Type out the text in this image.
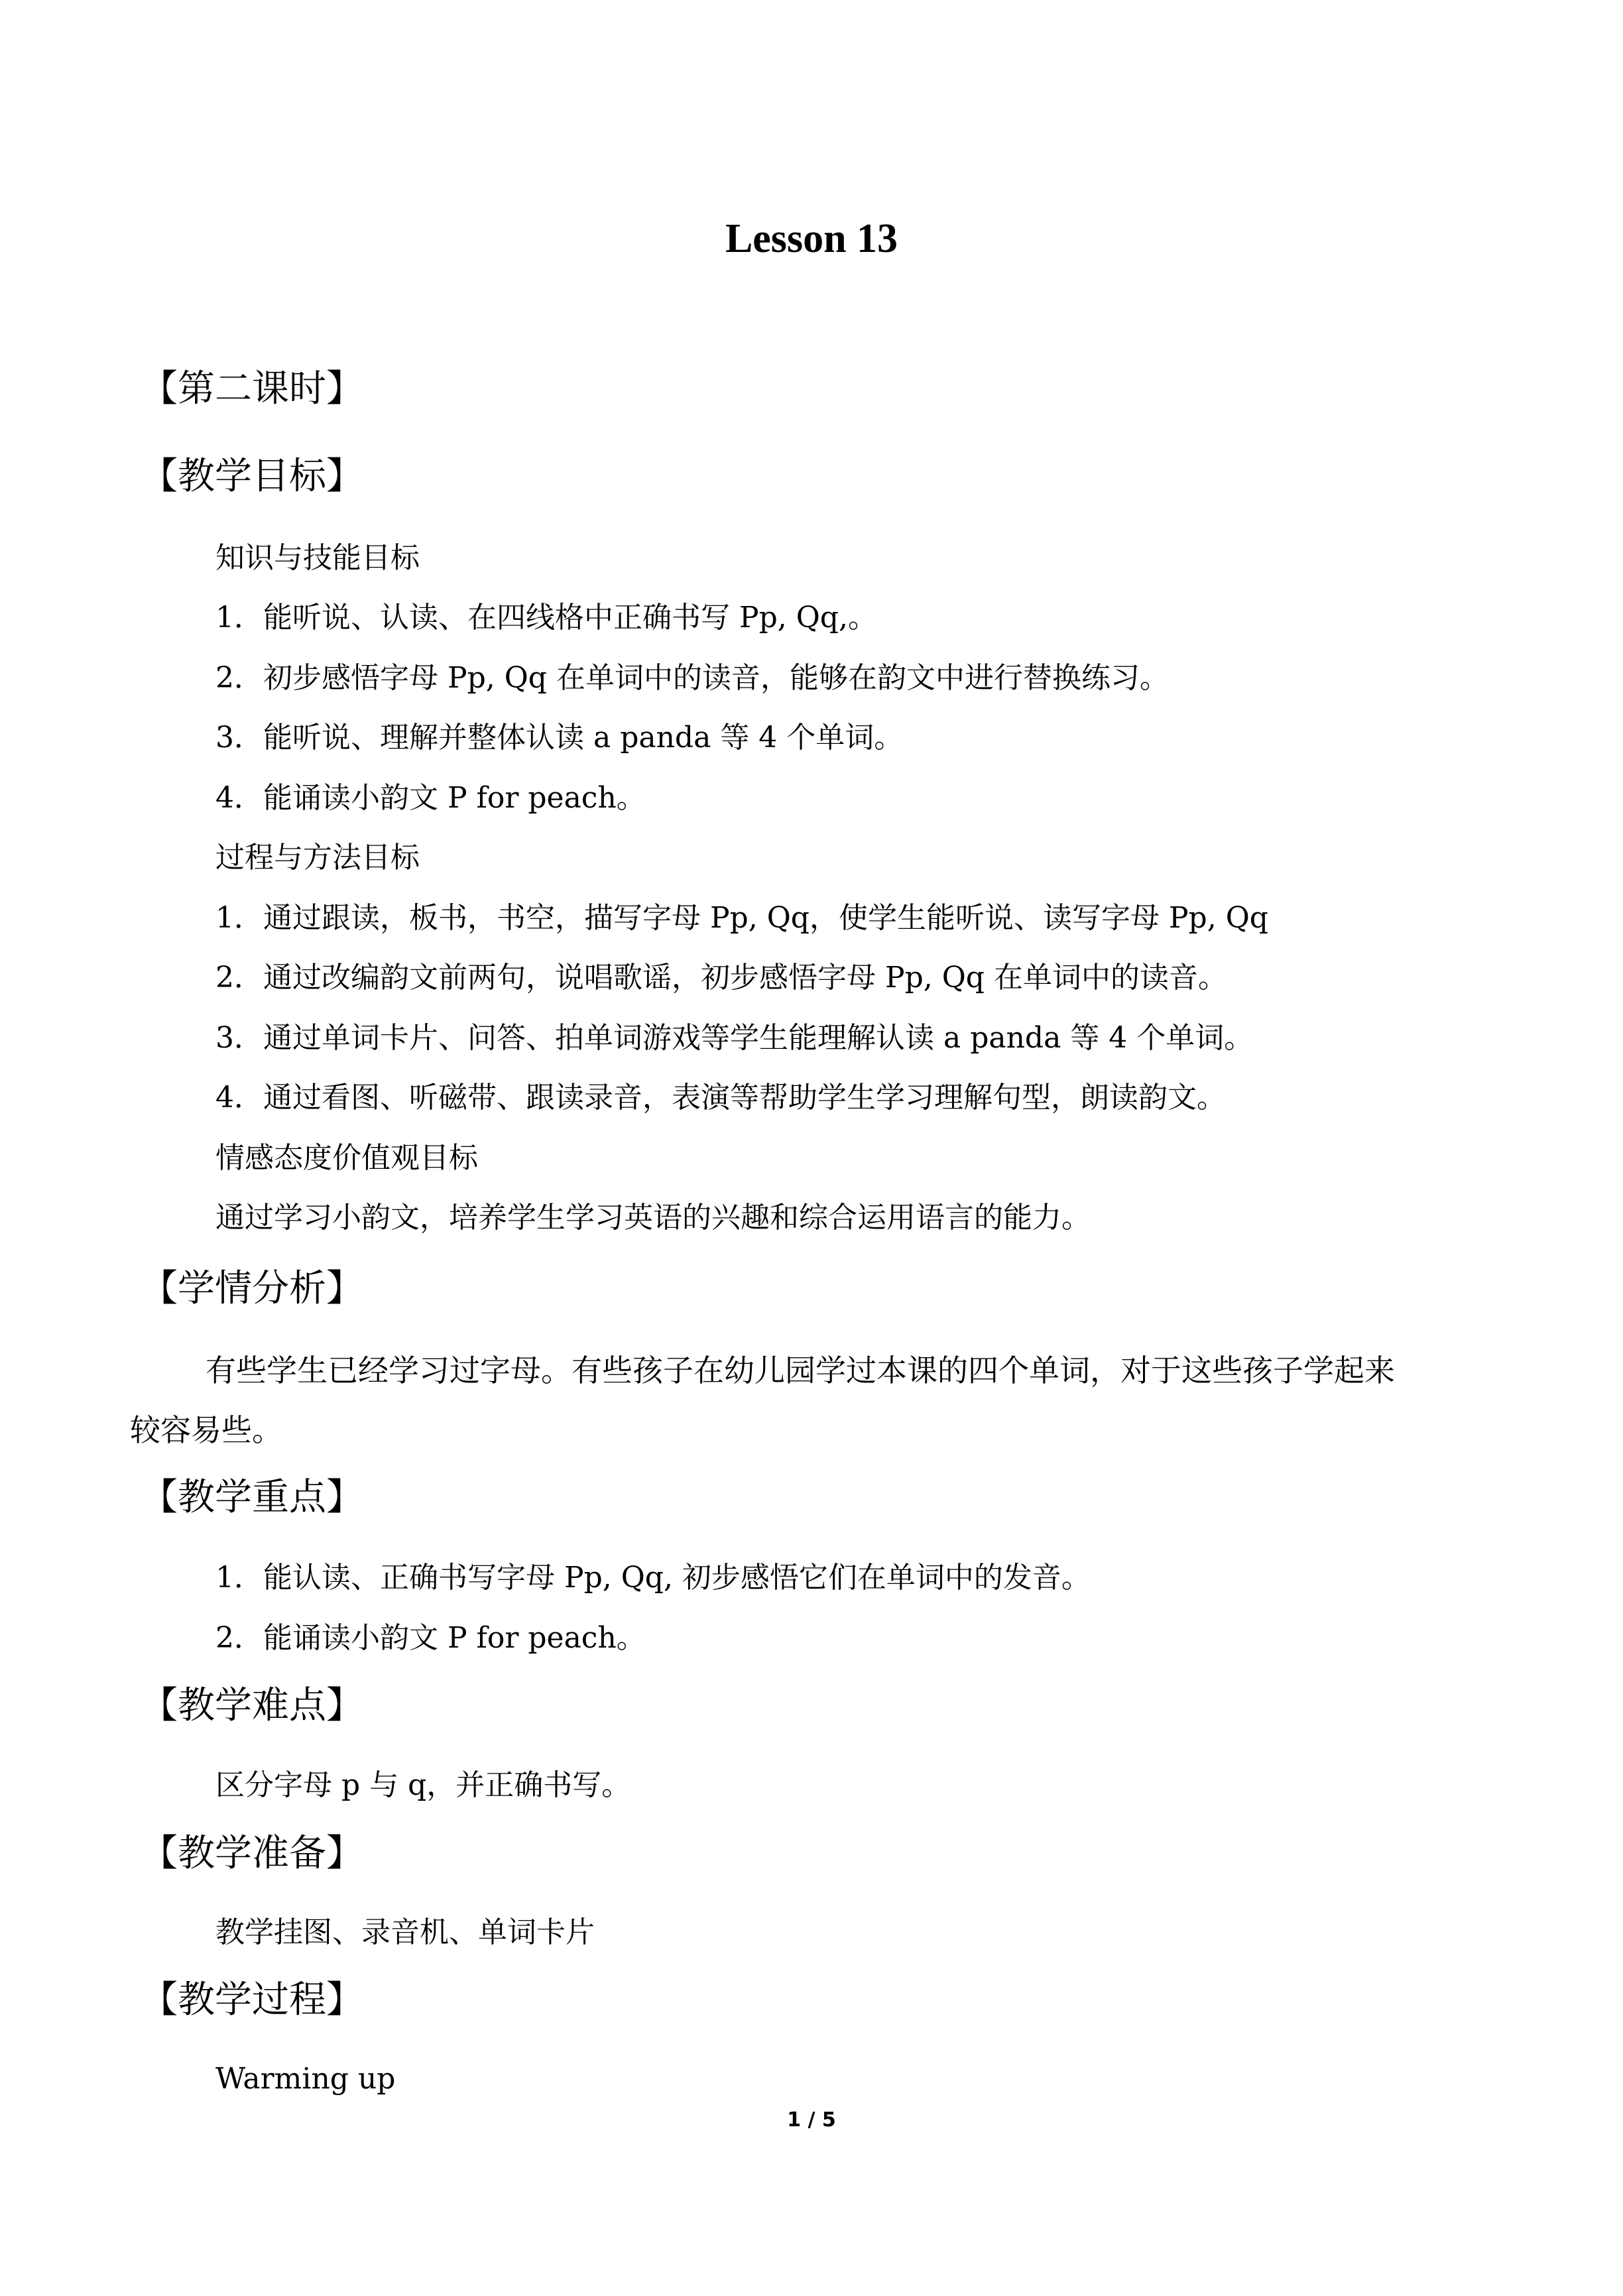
Lesson 13
【第二课时】
【教学目标】
知识与技能目标
1．能听说、认读、在四线格中正确书写 Pp, Qq,。
2．初步感悟字母 Pp, Qq 在单词中的读音，能够在韵文中进行替换练习。
3．能听说、理解并整体认读 a panda 等 4 个单词。
4．能诵读小韵文 P for peach。
过程与方法目标
1．通过跟读，板书，书空，描写字母 Pp, Qq，使学生能听说、读写字母 Pp, Qq
2．通过改编韵文前两句，说唱歌谣，初步感悟字母 Pp, Qq 在单词中的读音。
3．通过单词卡片、问答、拍单词游戏等学生能理解认读 a panda 等 4 个单词。
4．通过看图、听磁带、跟读录音，表演等帮助学生学习理解句型，朗读韵文。
情感态度价值观目标
通过学习小韵文，培养学生学习英语的兴趣和综合运用语言的能力。
【学情分析】
有些学生已经学习过字母。有些孩子在幼儿园学过本课的四个单词，对于这些孩子学起来
较容易些。
【教学重点】
1．能认读、正确书写字母 Pp, Qq, 初步感悟它们在单词中的发音。
2．能诵读小韵文 P for peach。
【教学难点】
区分字母 p 与 q，并正确书写。
【教学准备】
教学挂图、录音机、单词卡片
【教学过程】
Warming up
1 / 5
